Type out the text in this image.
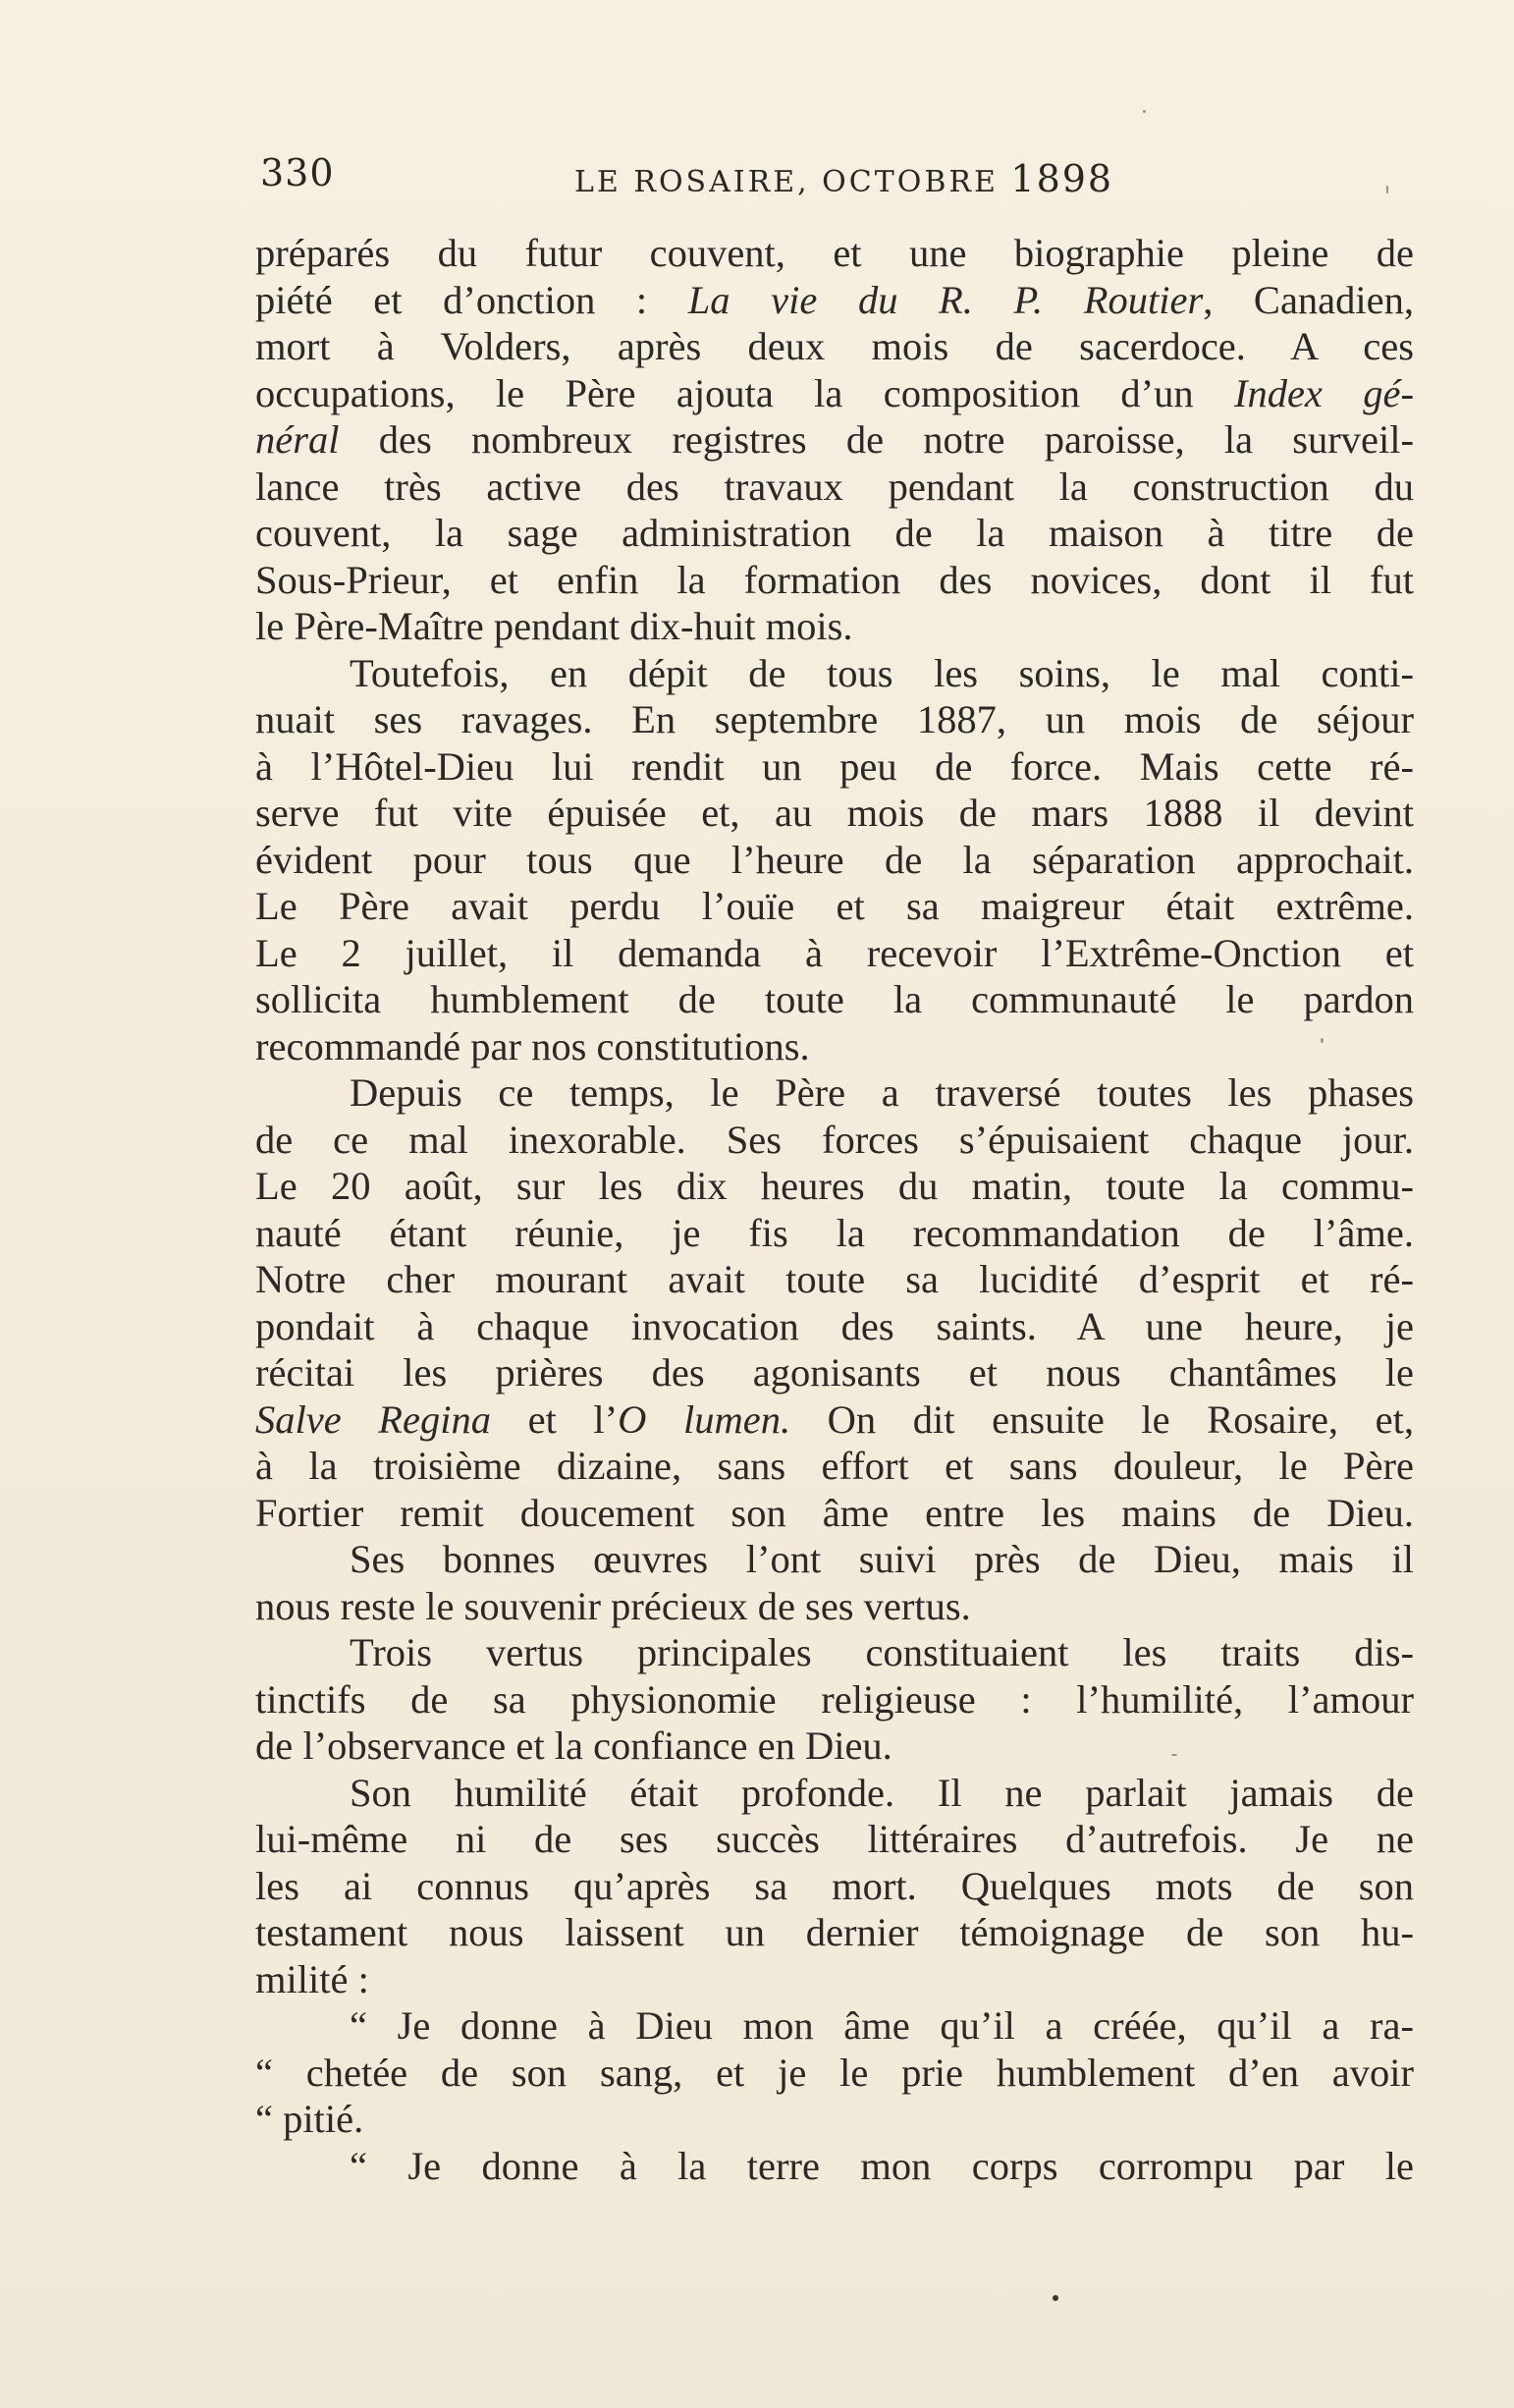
330	LE ROSAIRE, OCTOBRE 1898
préparés du futur couvent, et une biographie pleine de
piété et d’onction : La vie du R. P. Routier, Canadien,
mort à Volders, après deux mois de sacerdoce. A ces
occupations, le Père ajouta la composition d’un Index gé-
néral des nombreux registres de notre paroisse, la surveil-
lance très active des travaux pendant la construction du
couvent, la sage administration de la maison à titre de
Sous-Prieur, et enfin la formation des novices, dont il fut
le Père-Maître pendant dix-huit mois.
Toutefois, en dépit de tous les soins, le mal conti-
nuait ses ravages. En septembre 1887, un mois de séjour
à l’Hôtel-Dieu lui rendit un peu de force. Mais cette ré-
serve fut vite épuisée et, au mois de mars 1888 il devint
évident pour tous que l’heure de la séparation approchait.
Le Père avait perdu l’ouïe et sa maigreur était extrême.
Le 2 juillet, il demanda à recevoir l’Extrême-Onction et
sollicita humblement de toute la communauté le pardon
recommandé par nos constitutions.
Depuis ce temps, le Père a traversé toutes les phases
de ce mal inexorable. Ses forces s’épuisaient chaque jour.
Le 20 août, sur les dix heures du matin, toute la commu-
nauté étant réunie, je fis la recommandation de l’âme.
Notre cher mourant avait toute sa lucidité d’esprit et ré-
pondait à chaque invocation des saints. A une heure, je
récitai les prières des agonisants et nous chantâmes le
Salve Regina et l’O lumen. On dit ensuite le Rosaire, et,
à la troisième dizaine, sans effort et sans douleur, le Père
Fortier remit doucement son âme entre les mains de Dieu.
Ses bonnes œuvres l’ont suivi près de Dieu, mais il
nous reste le souvenir précieux de ses vertus.
Trois vertus principales constituaient les traits dis-
tinctifs de sa physionomie religieuse : l’humilité, l’amour
de l’observance et la confiance en Dieu.
Son humilité était profonde. Il ne parlait jamais de
lui-même ni de ses succès littéraires d’autrefois. Je ne
les ai connus qu’après sa mort. Quelques mots de son
testament nous laissent un dernier témoignage de son hu-
milité :
“ Je donne à Dieu mon âme qu’il a créée, qu’il a ra-
“ chetée de son sang, et je le prie humblement d’en avoir
“ pitié.
“ Je donne à la terre mon corps corrompu par le
